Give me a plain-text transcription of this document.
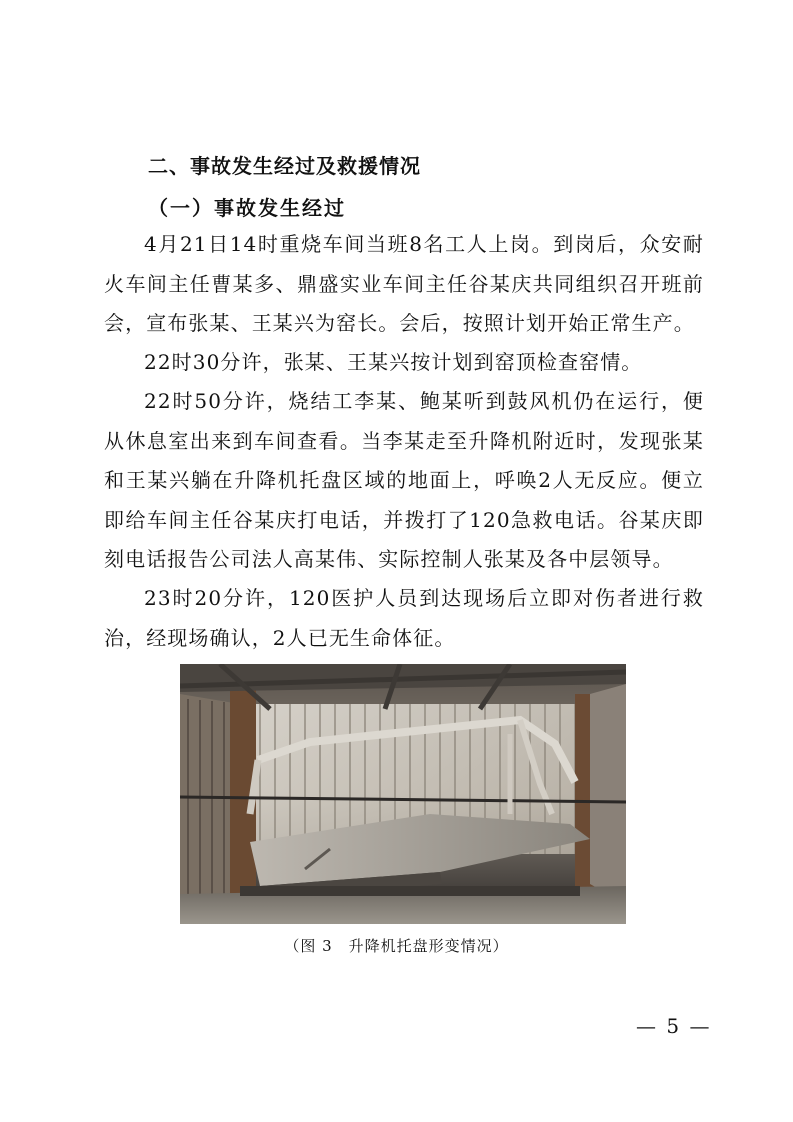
二、事故发生经过及救援情况
（一）事故发生经过

4月21日14时重烧车间当班8名工人上岗。到岗后，众安耐火车间主任曹某多、鼎盛实业车间主任谷某庆共同组织召开班前会，宣布张某、王某兴为窑长。会后，按照计划开始正常生产。

22时30分许，张某、王某兴按计划到窑顶检查窑情。

22时50分许，烧结工李某、鲍某听到鼓风机仍在运行，便从休息室出来到车间查看。当李某走至升降机附近时，发现张某和王某兴躺在升降机托盘区域的地面上，呼唤2人无反应。便立即给车间主任谷某庆打电话，并拨打了120急救电话。谷某庆即刻电话报告公司法人高某伟、实际控制人张某及各中层领导。

23时20分许，120医护人员到达现场后立即对伤者进行救治，经现场确认，2人已无生命体征。

（图 3　升降机托盘形变情况）
— 5 —
